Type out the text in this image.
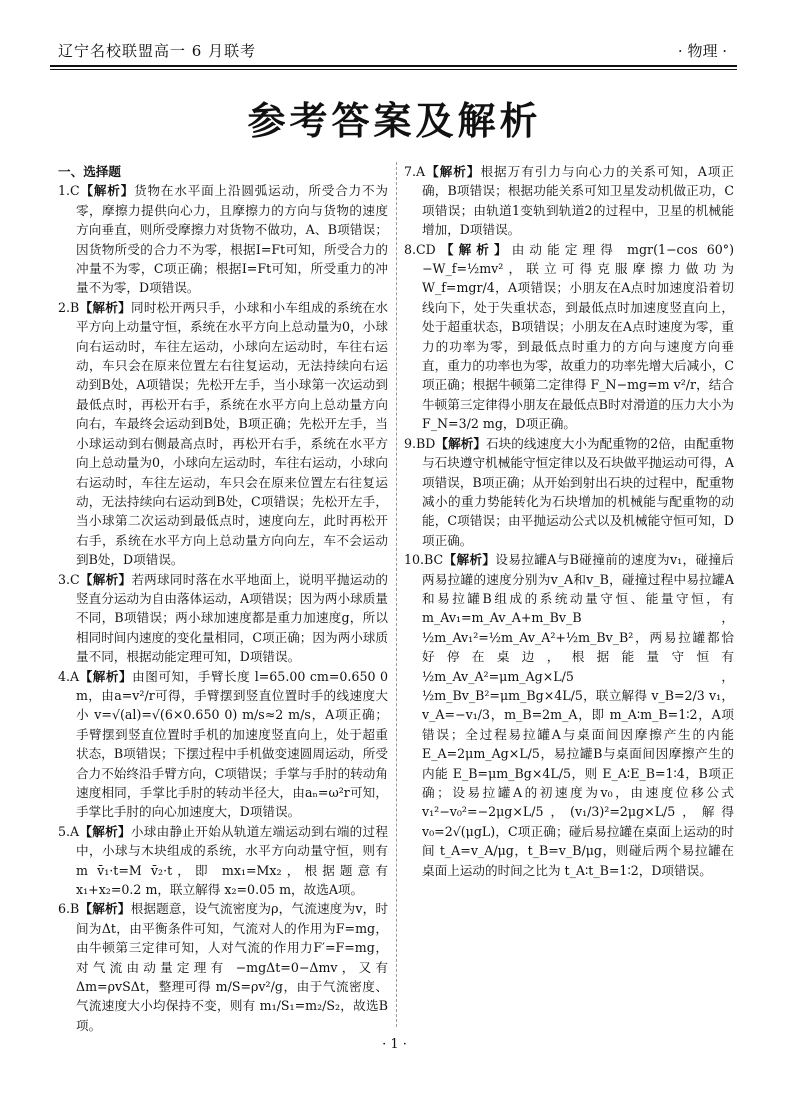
辽宁名校联盟高一 6 月联考	· 物理 ·
参考答案及解析

一、选择题

1.C【解析】货物在水平面上沿圆弧运动，所受合力不为零，摩擦力提供向心力，且摩擦力的方向与货物的速度方向垂直，则所受摩擦力对货物不做功，A、B项错误；因货物所受的合力不为零，根据I=Ft可知，所受合力的冲量不为零，C项正确；根据I=Ft可知，所受重力的冲量不为零，D项错误。

2.B【解析】同时松开两只手，小球和小车组成的系统在水平方向上动量守恒，系统在水平方向上总动量为0，小球向右运动时，车往左运动，小球向左运动时，车往右运动，车只会在原来位置左右往复运动，无法持续向右运动到B处，A项错误；先松开左手，当小球第一次运动到最低点时，再松开右手，系统在水平方向上总动量方向向右，车最终会运动到B处，B项正确；先松开左手，当小球运动到右侧最高点时，再松开右手，系统在水平方向上总动量为0，小球向左运动时，车往右运动，小球向右运动时，车往左运动，车只会在原来位置左右往复运动，无法持续向右运动到B处，C项错误；先松开左手，当小球第二次运动到最低点时，速度向左，此时再松开右手，系统在水平方向上总动量方向向左，车不会运动到B处，D项错误。

3.C【解析】若两球同时落在水平地面上，说明平抛运动的竖直分运动为自由落体运动，A项错误；因为两小球质量不同，B项错误；两小球加速度都是重力加速度g，所以相同时间内速度的变化量相同，C项正确；因为两小球质量不同，根据动能定理可知，D项错误。

4.A【解析】由图可知，手臂长度 l=65.00 cm=0.650 0 m，由a=v²/r可得，手臂摆到竖直位置时手的线速度大小 v=√(al)=√(6×0.650 0) m/s≈2 m/s，A项正确；手臂摆到竖直位置时手机的加速度竖直向上，处于超重状态，B项错误；下摆过程中手机做变速圆周运动，所受合力不始终沿手臂方向，C项错误；手掌与手肘的转动角速度相同，手掌比手肘的转动半径大，由aₙ=ω²r可知，手掌比手肘的向心加速度大，D项错误。

5.A【解析】小球由静止开始从轨道左端运动到右端的过程中，小球与木块组成的系统，水平方向动量守恒，则有 m v̄₁·t=M v̄₂·t，即 mx₁=Mx₂，根据题意有 x₁+x₂=0.2 m，联立解得 x₂=0.05 m，故选A项。

6.B【解析】根据题意，设气流密度为ρ，气流速度为v，时间为Δt，由平衡条件可知，气流对人的作用为F=mg，由牛顿第三定律可知，人对气流的作用力F′=F=mg，对气流由动量定理有 −mgΔt=0−Δmv，又有 Δm=ρvSΔt，整理可得 m/S=ρv²/g，由于气流密度、气流速度大小均保持不变，则有 m₁/S₁=m₂/S₂，故选B项。

7.A【解析】根据万有引力与向心力的关系可知，A项正确，B项错误；根据功能关系可知卫星发动机做正功，C项错误；由轨道1变轨到轨道2的过程中，卫星的机械能增加，D项错误。

8.CD【解析】由动能定理得 mgr(1−cos 60°)−W_f=½mv²，联立可得克服摩擦力做功为 W_f=mgr/4，A项错误；小朋友在A点时加速度沿着切线向下，处于失重状态，到最低点时加速度竖直向上，处于超重状态，B项错误；小朋友在A点时速度为零，重力的功率为零，到最低点时重力的方向与速度方向垂直，重力的功率也为零，故重力的功率先增大后减小，C项正确；根据牛顿第二定律得 F_N−mg=m v²/r，结合牛顿第三定律得小朋友在最低点B时对滑道的压力大小为 F_N=3/2 mg，D项正确。

9.BD【解析】石块的线速度大小为配重物的2倍，由配重物与石块遵守机械能守恒定律以及石块做平抛运动可得，A项错误，B项正确；从开始到射出石块的过程中，配重物减小的重力势能转化为石块增加的机械能与配重物的动能，C项错误；由平抛运动公式以及机械能守恒可知，D项正确。

10.BC【解析】设易拉罐A与B碰撞前的速度为v₁，碰撞后两易拉罐的速度分别为v_A和v_B，碰撞过程中易拉罐A和易拉罐B组成的系统动量守恒、能量守恒，有 m_Av₁=m_Av_A+m_Bv_B，½m_Av₁²=½m_Av_A²+½m_Bv_B²，两易拉罐都恰好停在桌边，根据能量守恒有 ½m_Av_A²=μm_Ag×L/5，½m_Bv_B²=μm_Bg×4L/5，联立解得 v_B=2/3 v₁，v_A=−v₁/3，m_B=2m_A，即 m_A∶m_B=1∶2，A项错误；全过程易拉罐A与桌面间因摩擦产生的内能 E_A=2μm_Ag×L/5，易拉罐B与桌面间因摩擦产生的内能 E_B=μm_Bg×4L/5，则 E_A∶E_B=1∶4，B项正确；设易拉罐A的初速度为v₀，由速度位移公式 v₁²−v₀²=−2μg×L/5，(v₁/3)²=2μg×L/5，解得 v₀=2√(μgL)，C项正确；碰后易拉罐在桌面上运动的时间 t_A=v_A/μg，t_B=v_B/μg，则碰后两个易拉罐在桌面上运动的时间之比为 t_A∶t_B=1∶2，D项错误。

· 1 ·
